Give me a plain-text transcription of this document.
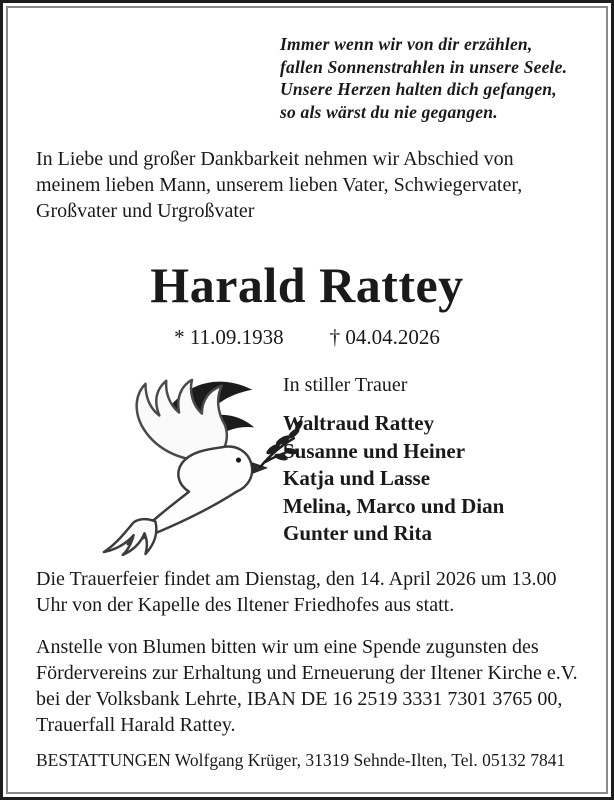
Immer wenn wir von dir erzählen,
fallen Sonnenstrahlen in unsere Seele.
Unsere Herzen halten dich gefangen,
so als wärst du nie gegangen.

In Liebe und großer Dankbarkeit nehmen wir Abschied von meinem lieben Mann, unserem lieben Vater, Schwiegervater, Großvater und Urgroßvater

Harald Rattey
* 11.09.1938 † 04.04.2026
In stiller Trauer
Waltraud Rattey
Susanne und Heiner
Katja und Lasse
Melina, Marco und Dian
Gunter und Rita

Die Trauerfeier findet am Dienstag, den 14. April 2026 um 13.00 Uhr von der Kapelle des Iltener Friedhofes aus statt.

Anstelle von Blumen bitten wir um eine Spende zugunsten des Fördervereins zur Erhaltung und Erneuerung der Iltener Kirche e.V. bei der Volksbank Lehrte, IBAN DE 16 2519 3331 7301 3765 00, Trauerfall Harald Rattey.

BESTATTUNGEN Wolfgang Krüger, 31319 Sehnde-Ilten, Tel. 05132 7841
